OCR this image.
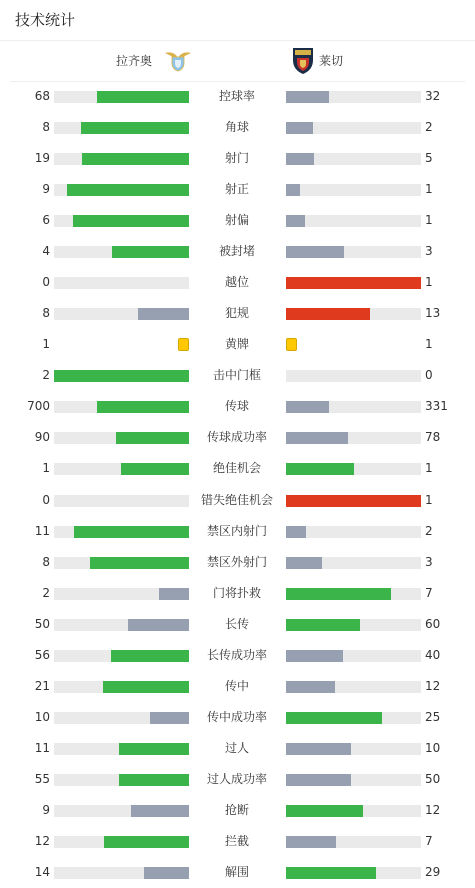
技术统计
拉齐奥	莱切
68	控球率	32
8	角球	2
19	射门	5
9	射正	1
6	射偏	1
4	被封堵	3
0	越位	1
8	犯规	13
1	黄牌	1
2	击中门框	0
700	传球	331
90	传球成功率	78
1	绝佳机会	1
0	错失绝佳机会	1
11	禁区内射门	2
8	禁区外射门	3
2	门将扑救	7
50	长传	60
56	长传成功率	40
21	传中	12
10	传中成功率	25
11	过人	10
55	过人成功率	50
9	抢断	12
12	拦截	7
14	解围	29
